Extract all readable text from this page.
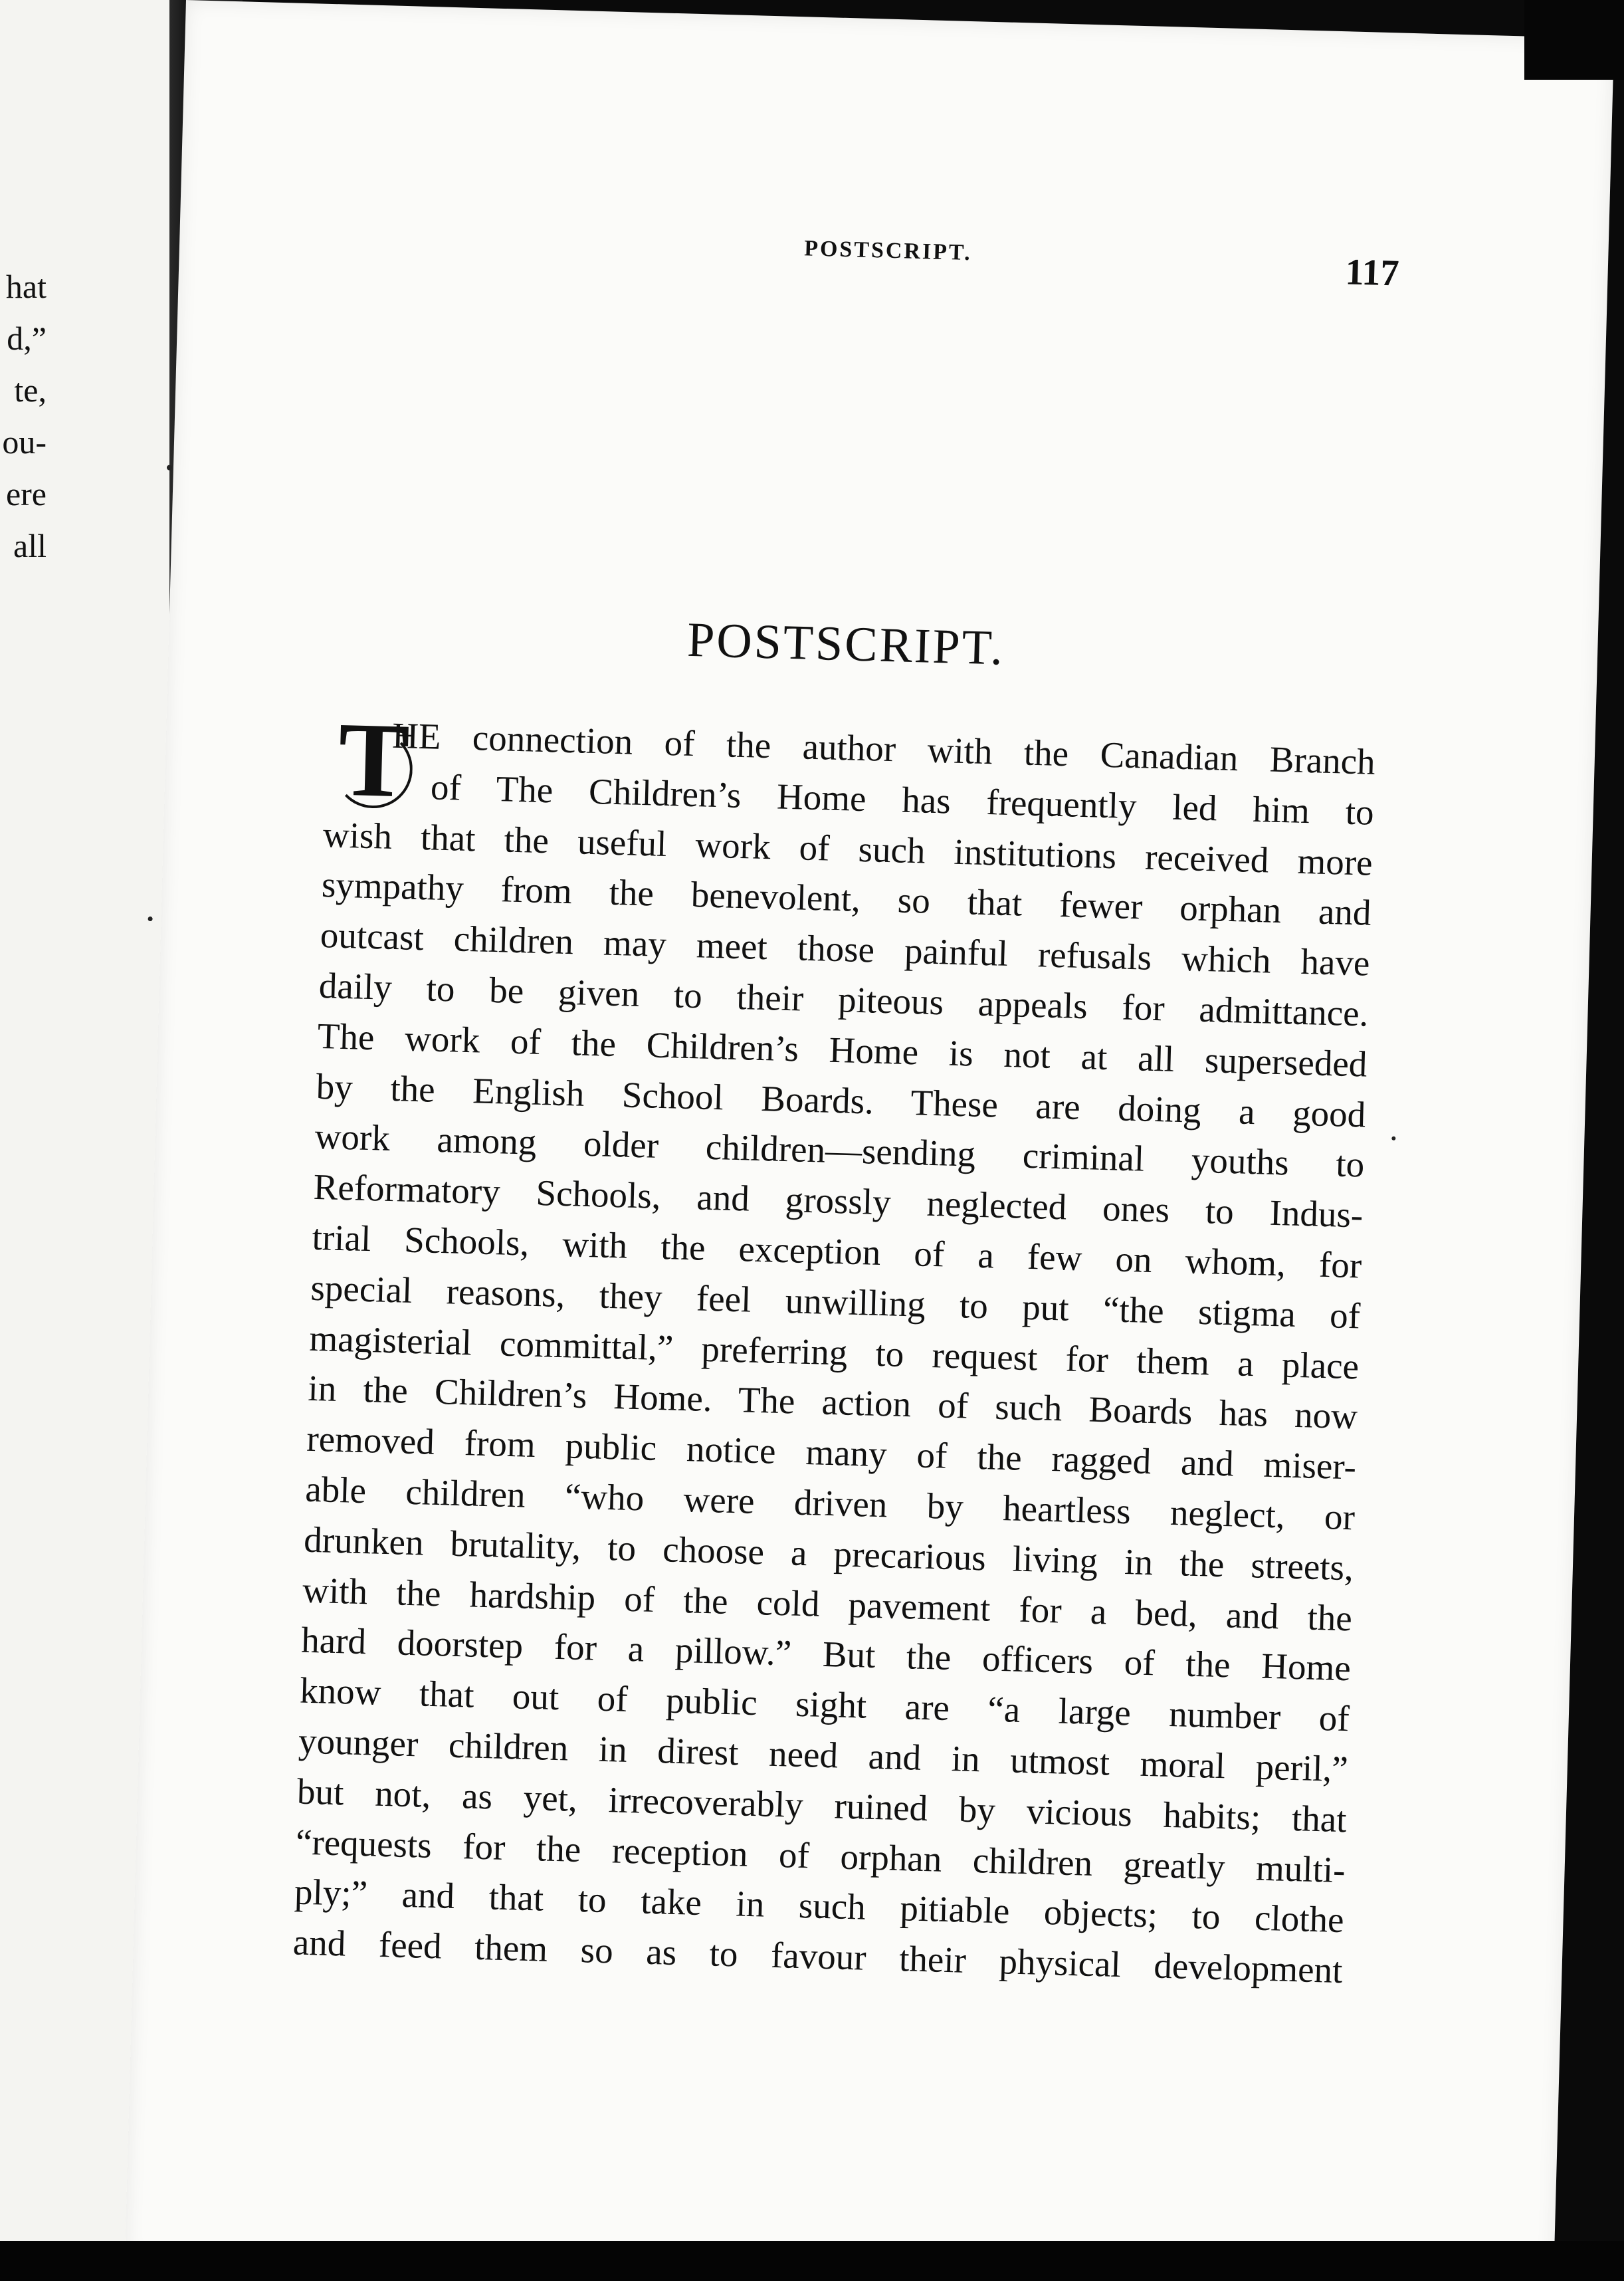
hat
d,”
te,
ou-
ere
all
POSTSCRIPT.
117
POSTSCRIPT.
T
HE connection of the author with the Canadian Branch
of The Children’s Home has frequently led him to
wish that the useful work of such institutions received more
sympathy from the benevolent, so that fewer orphan and
outcast children may meet those painful refusals which have
daily to be given to their piteous appeals for admittance.
The work of the Children’s Home is not at all superseded
by the English School Boards. These are doing a good
work among older children—sending criminal youths to
Reformatory Schools, and grossly neglected ones to Indus-
trial Schools, with the exception of a few on whom, for
special reasons, they feel unwilling to put “the stigma of
magisterial committal,” preferring to request for them a place
in the Children’s Home. The action of such Boards has now
removed from public notice many of the ragged and miser-
able children “who were driven by heartless neglect, or
drunken brutality, to choose a precarious living in the streets,
with the hardship of the cold pavement for a bed, and the
hard doorstep for a pillow.” But the officers of the Home
know that out of public sight are “a large number of
younger children in direst need and in utmost moral peril,”
but not, as yet, irrecoverably ruined by vicious habits; that
“requests for the reception of orphan children greatly multi-
ply;” and that to take in such pitiable objects; to clothe
and feed them so as to favour their physical development
